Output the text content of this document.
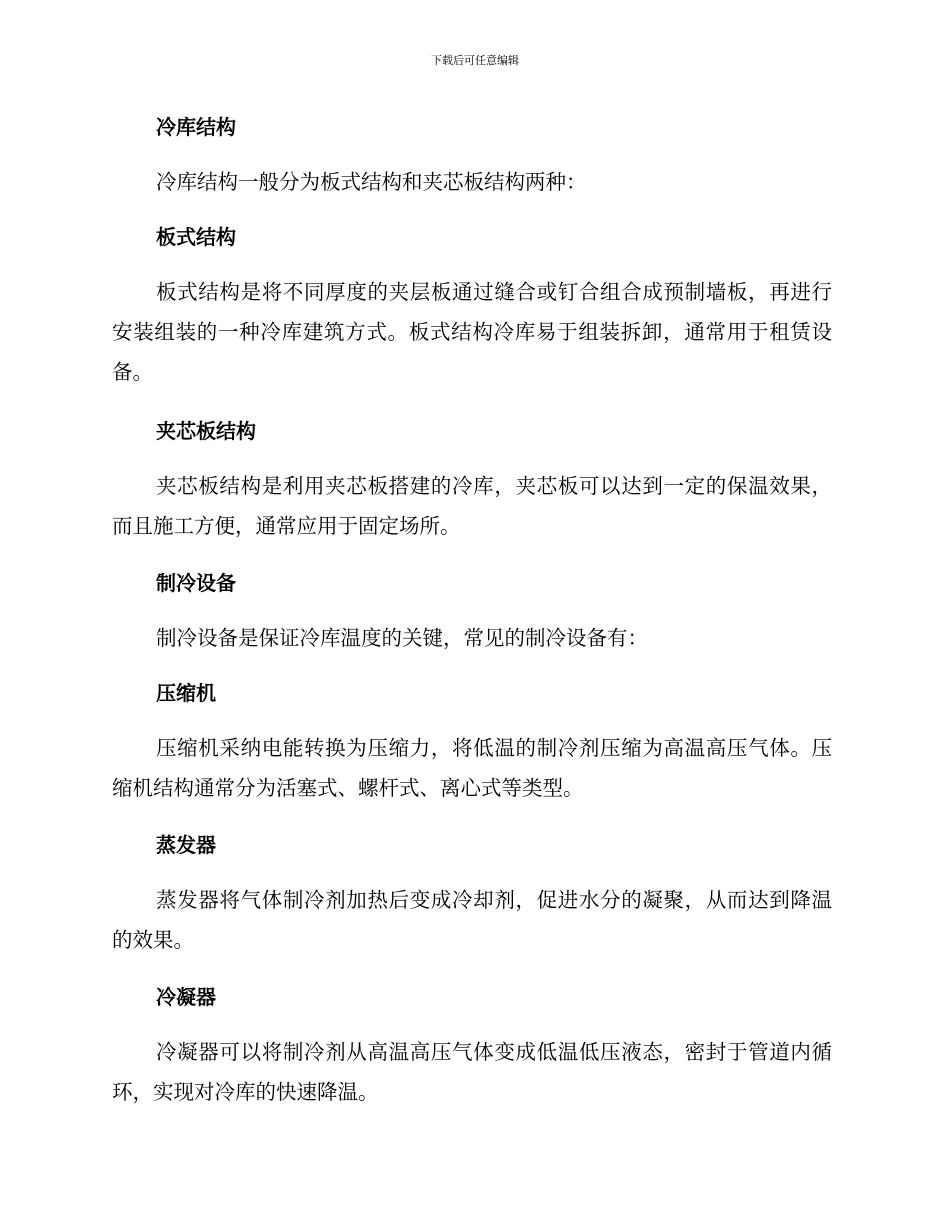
下载后可任意编辑
冷库结构

冷库结构一般分为板式结构和夹芯板结构两种：

板式结构

板式结构是将不同厚度的夹层板通过缝合或钉合组合成预制墙板，再进行安装组装的一种冷库建筑方式。板式结构冷库易于组装拆卸，通常用于租赁设备。

夹芯板结构

夹芯板结构是利用夹芯板搭建的冷库，夹芯板可以达到一定的保温效果，而且施工方便，通常应用于固定场所。

制冷设备

制冷设备是保证冷库温度的关键，常见的制冷设备有：

压缩机

压缩机采纳电能转换为压缩力，将低温的制冷剂压缩为高温高压气体。压缩机结构通常分为活塞式、螺杆式、离心式等类型。

蒸发器

蒸发器将气体制冷剂加热后变成冷却剂，促进水分的凝聚，从而达到降温的效果。

冷凝器

冷凝器可以将制冷剂从高温高压气体变成低温低压液态，密封于管道内循环，实现对冷库的快速降温。
